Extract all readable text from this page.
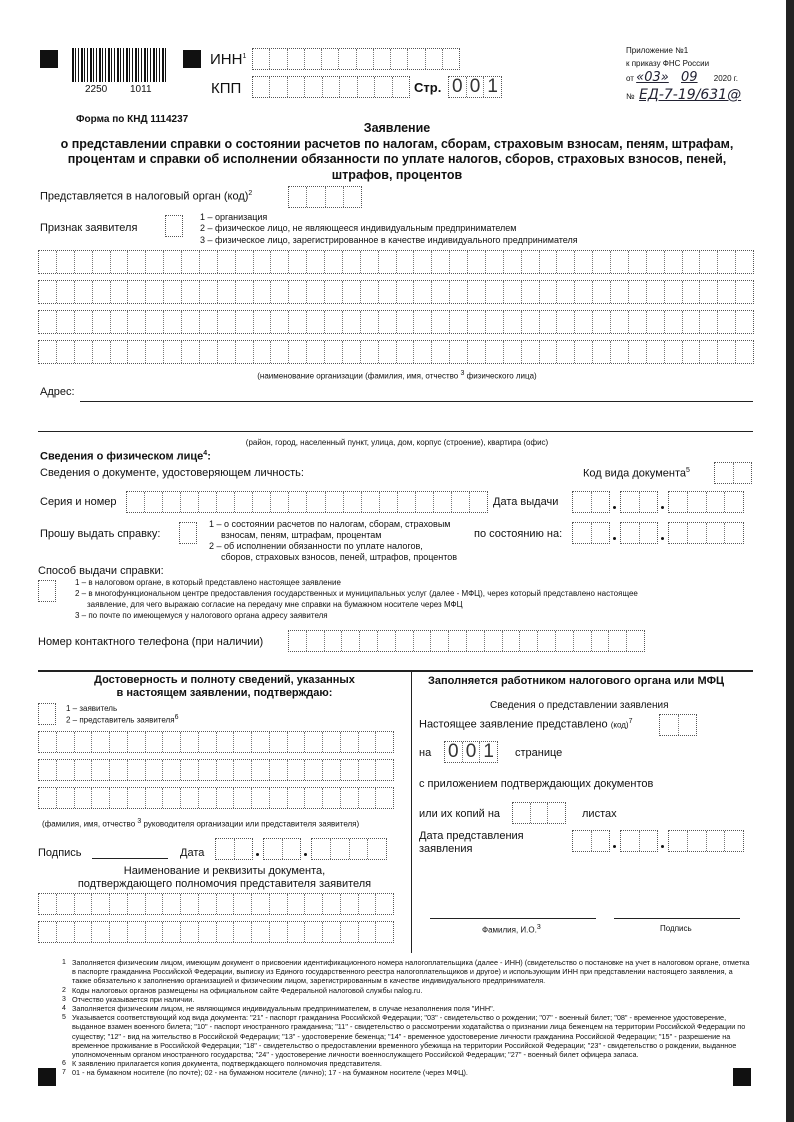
2250 1011
ИНН$^1$
КПП	Стр. 0 0 1
Приложение №1
к приказу ФНС России
от «03» 09 2020 г.
№ ЕД-7-19/631@
Форма по КНД 1114237
Заявление
о представлении справки о состоянии расчетов по налогам, сборам, страховым взносам, пеням, штрафам,
процентам и справки об исполнении обязанности по уплате налогов, сборов, страховых взносов, пеней,
штрафов, процентов
Представляется в налоговый орган (код)$^2$
Признак заявителя
1 – организация
2 – физическое лицо, не являющееся индивидуальным предпринимателем
3 – физическое лицо, зарегистрированное в качестве индивидуального предпринимателя
(наименование организации (фамилия, имя, отчество $^3$ физического лица)
Адрес:
(район, город, населенный пункт, улица, дом, корпус (строение), квартира (офис)
Сведения о физическом лице$^4$:
Сведения о документе, удостоверяющем личность:	Код вида документа$^5$
Серия и номер	Дата выдачи
Прошу выдать справку:
1 – о состоянии расчетов по налогам, сборам, страховым
взносам, пеням, штрафам, процентам
2 – об исполнении обязанности по уплате налогов,
сборов, страховых взносов, пеней, штрафов, процентов
по состоянию на:
Способ выдачи справки:
1 – в налоговом органе, в который представлено настоящее заявление
2 – в многофункциональном центре предоставления государственных и муниципальных услуг (далее - МФЦ), через который представлено настоящее
заявление, для чего выражаю согласие на передачу мне справки на бумажном носителе через МФЦ
3 – по почте по имеющемуся у налогового органа адресу заявителя
Номер контактного телефона (при наличии)
Достоверность и полноту сведений, указанных
в настоящем заявлении, подтверждаю:
1 – заявитель
2 – представитель заявителя$^6$
(фамилия, имя, отчество $^3$ руководителя организации или представителя заявителя)
Подпись	Дата
Наименование и реквизиты документа,
подтверждающего полномочия представителя заявителя
Заполняется работником налогового органа или МФЦ
Сведения о представлении заявления
Настоящее заявление представлено (код)$^7$
на 0 0 1 странице
с приложением подтверждающих документов
или их копий на	листах
Дата представления
заявления
Фамилия, И.О.$^3$	Подпись
1 Заполняется физическим лицом, имеющим документ о присвоении идентификационного номера налогоплательщика (далее - ИНН) (свидетельство о постановке на учет в налоговом органе, отметка в паспорте гражданина Российской Федерации, выписку из Единого государственного реестра налогоплательщиков и другое) и использующим ИНН при представлении настоящего заявления, а также обязательно к заполнению организацией и физическим лицом, зарегистрированным в качестве индивидуального предпринимателя.
2 Коды налоговых органов размещены на официальном сайте Федеральной налоговой службы nalog.ru.
3 Отчество указывается при наличии.
4 Заполняется физическим лицом, не являющимся индивидуальным предпринимателем, в случае незаполнения поля "ИНН".
5 Указывается соответствующий код вида документа: "21" - паспорт гражданина Российской Федерации; "03" - свидетельство о рождении; "07" - военный билет; "08" - временное удостоверение, выданное взамен военного билета; "10" - паспорт иностранного гражданина; "11" - свидетельство о рассмотрении ходатайства о признании лица беженцем на территории Российской Федерации по существу; "12" - вид на жительство в Российской Федерации; "13" - удостоверение беженца; "14" - временное удостоверение личности гражданина Российской Федерации; "15" - разрешение на временное проживание в Российской Федерации; "18" - свидетельство о предоставлении временного убежища на территории Российской Федерации; "23" - свидетельство о рождении, выданное уполномоченным органом иностранного государства; "24" - удостоверение личности военнослужащего Российской Федерации; "27" - военный билет офицера запаса.
6 К заявлению прилагается копия документа, подтверждающего полномочия представителя.
7 01 - на бумажном носителе (по почте); 02 - на бумажном носителе (лично); 17 - на бумажном носителе (через МФЦ).
